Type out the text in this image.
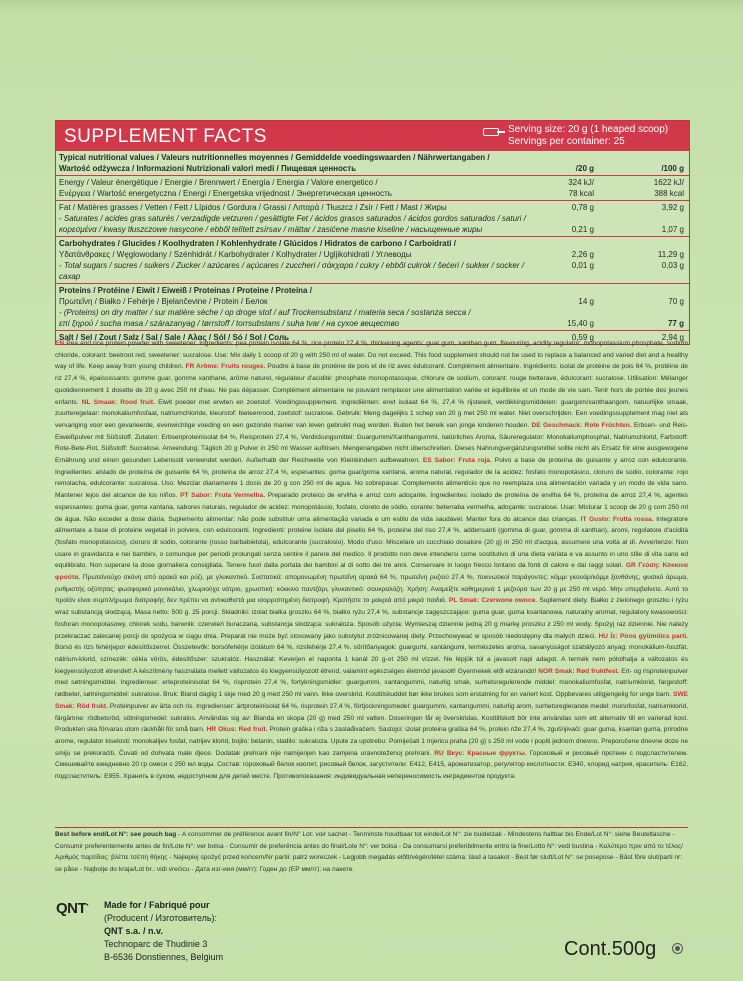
SUPPLEMENT FACTS	Serving size: 20 g (1 heaped scoop)
Servings per container: 25
Typical nutritional values / Valeurs nutritionnelles moyennes / Gemiddelde voedingswaarden / Nährwertangaben /
Wartość odżywcza / Informazioni Nutrizionali valori medi / Пищевая ценность	/20 g	/100 g
Energy / Valeur énergétique / Energie / Brennwert / Energía / Energia / Valore energetico /
Ενέργεια / Wartość energetyczna / Energi / Energetska vrijednost / Энергетическая ценность
324 kJ/	1622 kJ/
78 kcal	388 kcal
Fat / Matières grasses / Vetten / Fett / Lípidos / Gordura / Grassi / Λιπαρά / Tłuszcz / Zsír / Fett / Mast / Жиры	0,78 g	3,92 g
- Saturates / acides gras saturés / verzadigde vetzuren / gesättigte Fet / ácidos grasos saturados / ácidos gordos saturados / saturi /
κορεσμένα / kwasy tłuszczowe nasycone / ebből telített zsírsav / mättar / zasićene masne kiseline / насыщенные жиры	0,21 g	1,07 g
Carbohydrates / Glucides / Koolhydraten / Kohlenhydrate / Glúcidos / Hidratos de carbono / Carboidrati /
Υδατάνθρακες / Węglowodany / Szénhidrát / Karbohydrater / Kolhydrater / Ugljikohidrati / Углеводы	2,26 g	11,29 g
- Total sugars / sucres / suikers / Zucker / azúcares / açúcares / zuccheri / σάκχαρα / cukry / ebből cukrok / šećeri / sukker / socker / сахар
0,01 g	0,03 g
Proteins / Protéine / Eiwit / Eiweiß / Proteínas / Proteine / Proteína /
Πρωτεΐνη / Białko / Fehérje / Bjelančevine / Protein / Белок	14 g	70 g
- (Proteins) on dry matter / sur matière sèche / op droge stof / auf Trockensubstanz / materia seca / sostanza secca /
επί ξηρού / sucha masa / szárazanyag / tørrstoff / torrsubstans / suha tvar / на сухое вещество	15,40 g	77 g
Salt / Sel / Zout / Salz / Sal / Sale / Αλας / Sól / Só / Sol / Соль	0,59 g	2,94 g
EN Pea and rice protein powder with sweetener. Ingredients: pea protein isolate 64 %, rice protein 27,4 %, thickening agents: guar gum, xanthan gum, flavouring, acidity regulator: monopotassium phosphate, sodium chloride, colorant: beetroot red, sweetener: sucralose. Use: Mix daily 1 scoop of 20 g with 250 ml of water. Do not exceed. This food supplement should not be used to replace a balanced and varied diet and a healthy way of life. Keep away from young children. FR Arôme: Fruits rouges. Poudre à base de protéine de pois et de riz avec édulcorant. Complément alimentaire. Ingrédients: isolat de protéine de pois 64 %, protéine de riz 27,4 %, épaississants: gomme guar, gomme xanthane, arôme naturel, régulateur d'acidité: phosphate monopotassique, chlorure de sodium, colorant: rouge betterave, édulcorant: sucralose. Utilisation: Mélanger quotidiennement 1 dosette de 20 g avec 250 ml d'eau. Ne pas dépasser. Complément alimentaire ne pouvant remplacer une alimentation variée et équilibrée et un mode de vie sain. Tenir hors de portée des jeunes enfants. NL Smaak: Rood fruit. Eiwit poeder met erwten en zoetstof. Voedingssupplement. Ingrediënten: erwt isolaat 64 %, 27,4 % rijsteiwit, verdikkingsmiddelen: guargom/xanthaangom, natuurlijke smaak, zuurteregelaar: monokaliumfosfaat, natriumchloride, kleurstof: bieteenrood, zoetstof: sucralose. Gebruik: Meng dagelijks 1 schep van 20 g met 250 ml water. Niet overschrijden. Een voedingssupplement mag niet als vervanging voor een gevarieerde, evenwichtige voeding en een gezonde manier van leven gebruikt mag worden. Buiten het bereik van jonge kinderen houden. DE Geschmack: Rote Früchten. Erbsen- und Reis-Eiweißpulver mit Süßstoff. Zutaten: Erbsenproteinisolat 64 %, Reisprotein 27,4 %, Verdickungsmittel: Guargummi/Xanthangummi, natürliches Aroma, Säureregulator: Monokaliumphosphat, Natriumchlorid, Farbstoff: Rote-Bete-Rot, Süßstoff: Sucralose. Anwendung: Täglich 20 g Pulver in 250 ml Wasser auflösen. Mengenangaben nicht überschreiten. Dieses Nahrungsergänzungsmittel sollte nicht als Ersatz für eine ausgewogene Ernährung und einen gesunden Lebensstil verwendet werden. Außerhalb der Reichweite von Kleinkindern aufbewahren. ES Sabor: Fruta roja. Polvo a base de proteína de guisante y arroz con edulcorante. Ingredientes: aislado de proteína de guisante 64 %, proteína de arroz 27,4 %, espesantes: goma guar/goma xantana, aroma natural, regulador de la acidez: fosfato monopotásico, cloruro de sodio, colorante: rojo remolacha, edulcorante: sucralosa. Uso: Mezclar diariamente 1 dosis de 20 g con 250 ml de agua. No sobrepasar. Complemento alimenticio que no reemplaza una alimentación variada y un modo de vida sano. Mantener lejos del alcance de los niños. PT Sabor: Fruta Vermelha. Preparado proteico de ervilha e arroz com adoçante. Ingredientes: isolado de proteína de ervilha 64 %, proteína de arroz 27,4 %, agentes espessantes: goma guar, goma xantana, sabores naturais, regulador de acidez: monopotássio, fosfato, cloreto de sódio, corante: beterraba vermelha, adoçante: sucralose. Usar: Misturar 1 scoop de 20 g com 250 ml de água. Não exceder a dose diária. Suplemento alimentar: não pode substituir uma alimentação variada e um estilo de vida saudável. Manter fora do alcance das crianças. IT Gusto: Frutta rossa. Integratore alimentare a base di proteine vegetali in polvere, con edulcoranti. Ingredienti: proteine isolate del pisello 64 %, proteine del riso 27,4 %, addensanti (gomma di guar, gomma di xanthan), aromi, regolatore d'acidità (fosfato monopotassico), cloruro di sodio, colorante (rosso barbabietola), edulcorante (sucralosio). Modo d'uso: Miscelare un cucchiaio dosatore (20 g) in 250 ml d'acqua, assumere una volta al dì. Avvertenze: Non usare in gravidanza e nei bambini, o comunque per periodi prolungati senza sentire il parere del medico. Il prodotto non deve intendersi come sostitutivo di una dieta variata e va assunto in uno stile di vita sano ed equilibrato. Non superare la dose giornaliera consigliata. Tenere fuori dalla portata dei bambini al di sotto dei tre anni. Conservare in luogo fresco lontano da fonti di calore e dai raggi solari. GR Γεύση: Κόκκινα φρούτα. Πρωτεϊνούχο σκόνη από αρακά και ρύζι, με γλυκαντικό. Συστατικά: απομονωμένη πρωτεΐνη αρακά 64 %, πρωτεΐνη ρυζιού 27,4 %, πυκνωτικοί παράγοντες: κόμμι γκουάρ/κόμμι ξανθάνης, φυσικό άρωμα, ρυθμιστής οξύτητας: φωσφορικό μονοκάλιο, χλωριούχο νάτριο, χρωστική: κόκκινο παντζάρι, γλυκαντικό: σουκραλόζη. Χρήση: Αναμείξτε καθημερινά 1 μεζούρα των 20 g με 250 ml νερό. Μην υπερβαίνετε. Αυτό το προϊόν είναι συμπλήρωμα διατροφής δεν πρέπει να αντικαθιστά μια ισορροπημένη διατροφή. Κρατήστε το μακριά από μικρά παιδιά. PL Smak: Czerwone owoce. Suplement diety. Białko z zielonego groszku i ryżu wraz substancją słodzącą. Masa netto: 500 g. 25 porcji. Składniki: izolat białka groszku 64 %, białko ryżu 27,4 %, substancje zagęszczające: guma guar, guma ksantanowa, naturalny aromat, regulatory kwasowości: fosforan monopotasowy, chlorek sodu, barwnik: czerwień buraczana, substancja słodząca: sukraloza. Sposób użycia: Wymieszaj dziennie jedną 20 g miarkę proszku z 250 ml wody. Spożyj raz dziennie. Nie należy przekraczać zalecanej porcji do spożycia w ciągu dnia. Preparat nie może być stosowany jako substytut zróżnicowanej diety. Przechowywać w sposób niedostępny dla małych dzieci. HU Íz: Piros gyümölcs parti. Borsó és rizs fehérjepor édesítőszerrel. Összetevők: borsófehérje izolátum 64 %, rizsfehérje 27,4 %, sűrítőanyagok: guargumi, xantángumi, természetes aroma, savanyúságot szabályozó anyag: monokálium-foszfát, nátrium-klorid, színezék: cékla vörös, édesítőszer: szukralóz. Használat: Keverjen el naponta 1 kanál 20 g-ot 250 ml vízzel. Ne lépjük túl a javasolt napi adagot. A termék nem pótolhatja a változatos és kiegyensúlyozott étrendet! A készítmény használata mellett változatos és kiegyensúlyozott étrend, valamint egészséges életmód javasolt! Gyermekek elől elzárandó! NOR Smak: Rød fruktfest. Ert- og risproteinpulver med søtningsmiddel. Ingredienser: erteproteinisolat 64 %, risprotein 27,4 %, fortykningsmidler: guargummi, xantangummi, naturlig smak, surhetsregulerende middel: monokaliumfosfat, natriumklorid, fargestoff: rødbeter, søtningsmiddel: sukralose. Bruk: Bland daglig 1 skje med 20 g med 250 ml vann. Ikke overskrid. Kosttilskuddet bør ikke brukes som erstatning for en variert kost. Oppbevares utilgjengelig for unge barn. SWE Smak: Röd frukt. Proteinpulver av ärta och ris. Ingredienser: ärtproteinisolat 64 %, risprotein 27,4 %, förtjockningsmedel: guargummi, xantangummi, naturlig arom, surhetsreglerande medel: monofosfat, natriumklorid, färgämne: rödbetsröd, sötningsmedel: sukralos. Användas sig av: Blanda en skopa (20 g) med 250 ml vatten. Doseringen får ej överskridas. Kosttillskott bör inte användas som ett alternativ till en varierad kost. Produkten ska förvaras utom räckhåll för små barn. HR Okus: Red fruit. Protein graška i riža s zaslađivačem. Sastojci: izolat proteina graška 64 %, protein riže 27,4 %, zgušnjivači: guar guma, ksantan guma, prirodne arome, regulator kiselosti: monokalijev fosfat, natrijev klorid, bojilo: betanin, sladilo: sukraloza. Upute za upotrebu: Pomiješati 1 mjericu praha (20 g) s 250 ml vode i popiti jednom dnevno. Preporučene dnevne doze ne smiju se prekoračiti. Čuvati od dohvata male djece. Dodatak prehrani nije namijenjen kao zamjena uravnoteženoj prehrani. RU Вкус: Красные фрукты. Гороховый и рисовый протеин с подсластителем. Смешивайте ежедневно 20 гр смеси с 250 мл воды. Состав: гороховый белок изолят, рисовый белок, загустители: E412, E415, ароматизатор, регулятор кислотности: E340, хлорид натрия, краситель: E162, подсластитель: E955. Хранить в сухом, недоступном для детей месте. Противопоказания: индивидуальная непереносимость ингредиентов продукта.
Best before end/Lot N°: see pouch bag - A consommer de préférence avant fin/N° Lot: voir sachet - Tenminste houdbaar tot einde/Lot N°: zie buidelzak - Mindestens haltbar bis Ende/Lot N°: siehe Beuteltasche - Consumir preferentemente antes de fin/Lote N°: ver bolsa - Consumir de preferência antes do final/Lote N°: ver bolsa - Da consumarsi preferibilmente entro la fine/Lotto N°: vedi bustina - Καλύτερο πριν από το τέλος/Αριθμός παρτίδας: βλέπε τσέπη θήκης - Najlepiej spożyć przed końcem/Nr partii: patrz woreczek - Legjobb megadás előtt/végén/tétel száma: lásd a tasakot - Best før slutt/Lot N°: se posepose - Bäst före slut/parti nr: se påse - Najbolje do kraja/Lot br.: vidi vrećicu - Дата изг-иия (мм/гг): Годен до (ЕР мм/гг): на пакете.
QNT· Made for / Fabriqué pour
(Producent / Изготовитель):
QNT s.a. / n.v.
Technoparc de Thudinie 3
B-6536 Donstiennes, Belgium	Cont.500g
